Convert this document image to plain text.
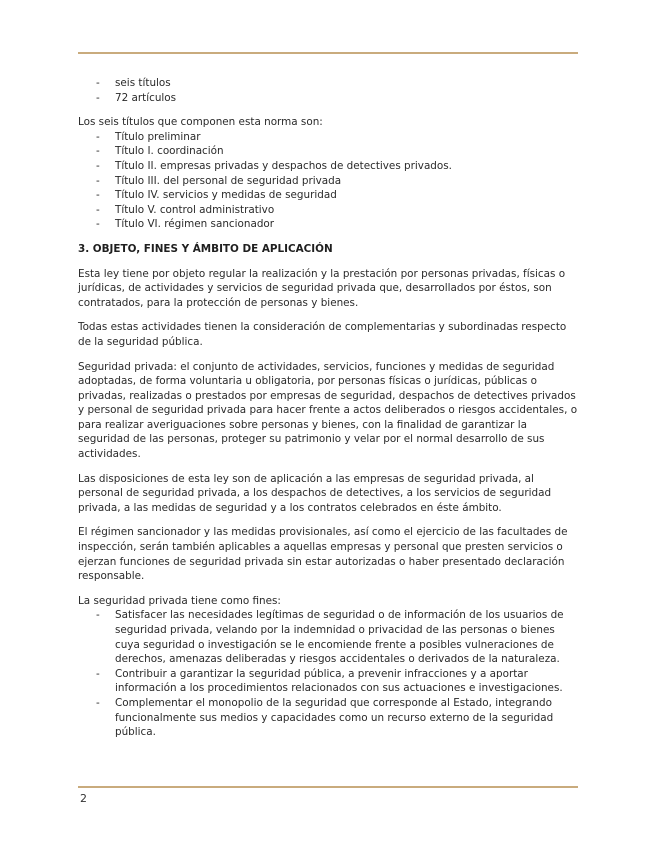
- seis títulos
- 72 artículos

Los seis títulos que componen esta norma son:

- Título preliminar
- Título I. coordinación
- Título II. empresas privadas y despachos de detectives privados.
- Título III. del personal de seguridad privada
- Título IV. servicios y medidas de seguridad
- Título V. control administrativo
- Título VI. régimen sancionador
3. OBJETO, FINES Y ÁMBITO DE APLICACIÓN

Esta ley tiene por objeto regular la realización y la prestación por personas privadas, físicas o jurídicas, de actividades y servicios de seguridad privada que, desarrollados por éstos, son contratados, para la protección de personas y bienes.

Todas estas actividades tienen la consideración de complementarias y subordinadas respecto de la seguridad pública.

Seguridad privada: el conjunto de actividades, servicios, funciones y medidas de seguridad adoptadas, de forma voluntaria u obligatoria, por personas físicas o jurídicas, públicas o privadas, realizadas o prestados por empresas de seguridad, despachos de detectives privados y personal de seguridad privada para hacer frente a actos deliberados o riesgos accidentales, o para realizar averiguaciones sobre personas y bienes, con la finalidad de garantizar la seguridad de las personas, proteger su patrimonio y velar por el normal desarrollo de sus actividades.

Las disposiciones de esta ley son de aplicación a las empresas de seguridad privada, al personal de seguridad privada, a los despachos de detectives, a los servicios de seguridad privada, a las medidas de seguridad y a los contratos celebrados en éste ámbito.

El régimen sancionador y las medidas provisionales, así como el ejercicio de las facultades de inspección, serán también aplicables a aquellas empresas y personal que presten servicios o ejerzan funciones de seguridad privada sin estar autorizadas o haber presentado declaración responsable.

La seguridad privada tiene como fines:

- Satisfacer las necesidades legítimas de seguridad o de información de los usuarios de seguridad privada, velando por la indemnidad o privacidad de las personas o bienes cuya seguridad o investigación se le encomiende frente a posibles vulneraciones de derechos, amenazas deliberadas y riesgos accidentales o derivados de la naturaleza.
- Contribuir a garantizar la seguridad pública, a prevenir infracciones y a aportar información a los procedimientos relacionados con sus actuaciones e investigaciones.
- Complementar el monopolio de la seguridad que corresponde al Estado, integrando funcionalmente sus medios y capacidades como un recurso externo de la seguridad pública.
2
